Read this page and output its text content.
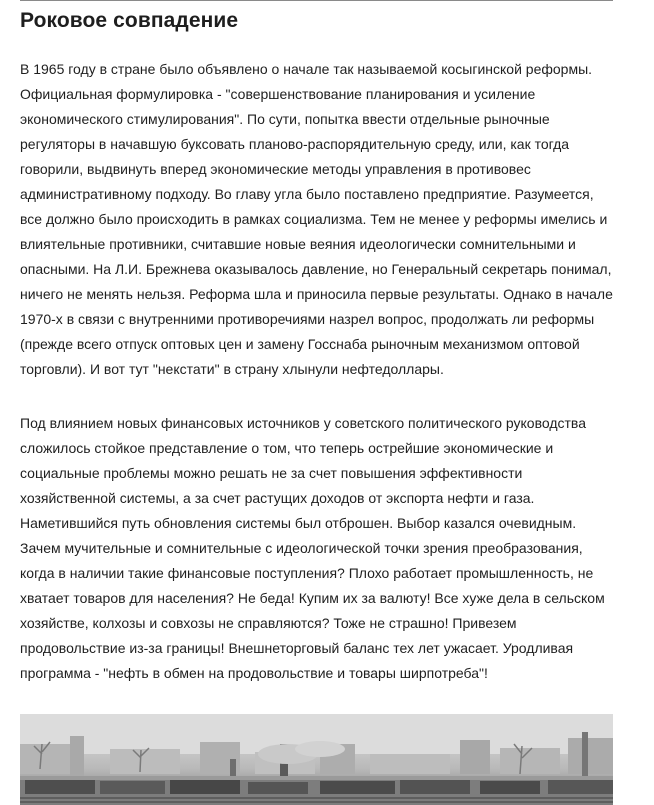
Роковое совпадение

В 1965 году в стране было объявлено о начале так называемой косыгинской реформы.
Официальная формулировка - "совершенствование планирования и усиление
экономического стимулирования". По сути, попытка ввести отдельные рыночные
регуляторы в начавшую буксовать планово-распорядительную среду, или, как тогда
говорили, выдвинуть вперед экономические методы управления в противовес
административному подходу. Во главу угла было поставлено предприятие. Разумеется,
все должно было происходить в рамках социализма. Тем не менее у реформы имелись и
влиятельные противники, считавшие новые веяния идеологически сомнительными и
опасными. На Л.И. Брежнева оказывалось давление, но Генеральный секретарь понимал,
ничего не менять нельзя. Реформа шла и приносила первые результаты. Однако в начале
1970-х в связи с внутренними противоречиями назрел вопрос, продолжать ли реформы
(прежде всего отпуск оптовых цен и замену Госснаба рыночным механизмом оптовой
торговли). И вот тут "некстати" в страну хлынули нефтедоллары.

Под влиянием новых финансовых источников у советского политического руководства
сложилось стойкое представление о том, что теперь острейшие экономические и
социальные проблемы можно решать не за счет повышения эффективности
хозяйственной системы, а за счет растущих доходов от экспорта нефти и газа.
Наметившийся путь обновления системы был отброшен. Выбор казался очевидным.
Зачем мучительные и сомнительные с идеологической точки зрения преобразования,
когда в наличии такие финансовые поступления? Плохо работает промышленность, не
хватает товаров для населения? Не беда! Купим их за валюту! Все хуже дела в сельском
хозяйстве, колхозы и совхозы не справляются? Тоже не страшно! Привезем
продовольствие из-за границы! Внешнеторговый баланс тех лет ужасает. Уродливая
программа - "нефть в обмен на продовольствие и товары ширпотреба"!
